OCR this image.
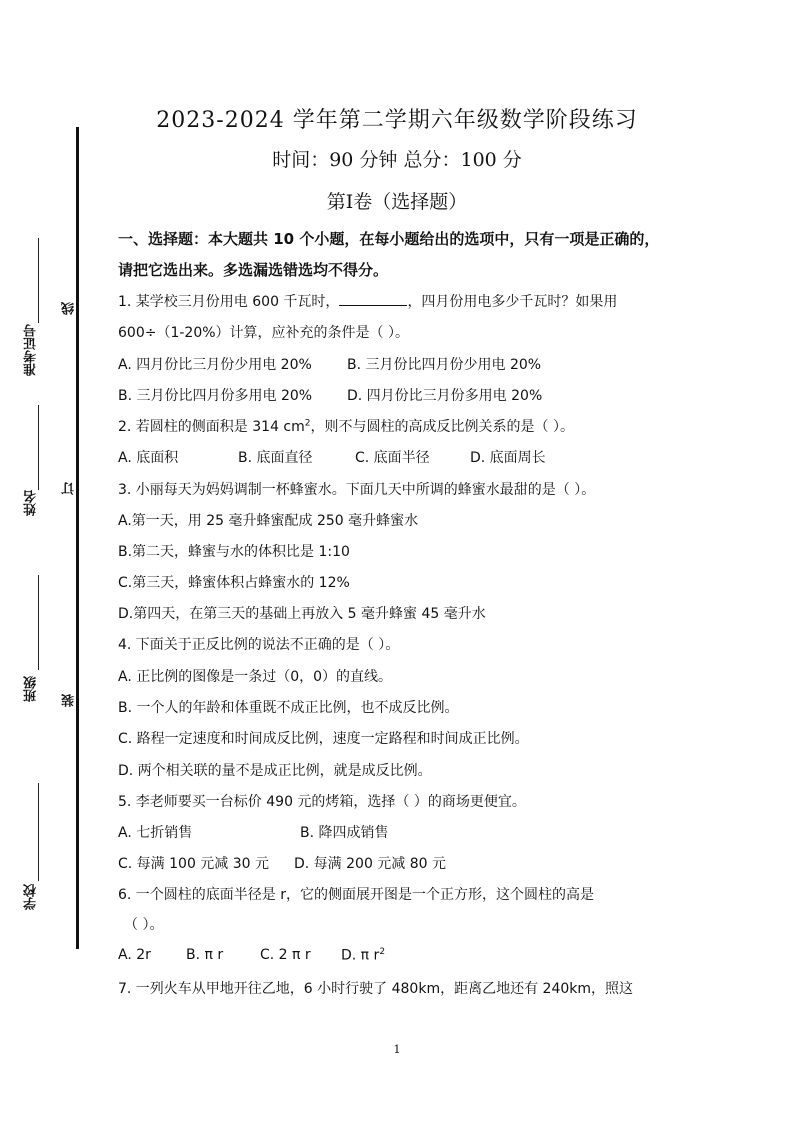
准考证号
姓名
班级
学校
线
订
装
2023-2024 学年第二学期六年级数学阶段练习
时间：90 分钟 总分：100 分
第Ⅰ卷（选择题）
一、选择题：本大题共 10 个小题，在每小题给出的选项中，只有一项是正确的，
请把它选出来。多选漏选错选均不得分。
1. 某学校三月份用电 600 千瓦时，	，四月份用电多少千瓦时？如果用
600÷（1-20%）计算，应补充的条件是（ ）。
A. 四月份比三月份少用电 20%	B. 三月份比四月份少用电 20%
B. 三月份比四月份多用电 20% D. 四月份比三月份多用电 20%
2. 若圆柱的侧面积是 314 $cm^2$，则不与圆柱的高成反比例关系的是（ ）。
A. 底面积	B. 底面直径	C. 底面半径	D. 底面周长
3. 小丽每天为妈妈调制一杯蜂蜜水。下面几天中所调的蜂蜜水最甜的是（ ）。
A.第一天，用 25 毫升蜂蜜配成 250 毫升蜂蜜水
B.第二天，蜂蜜与水的体积比是 1:10
C.第三天，蜂蜜体积占蜂蜜水的 12%
D.第四天，在第三天的基础上再放入 5 毫升蜂蜜 45 毫升水
4. 下面关于正反比例的说法不正确的是（ ）。
A. 正比例的图像是一条过（0，0）的直线。
B. 一个人的年龄和体重既不成正比例，也不成反比例。
C. 路程一定速度和时间成反比例，速度一定路程和时间成正比例。
D. 两个相关联的量不是成正比例，就是成反比例。
5. 李老师要买一台标价 490 元的烤箱，选择（ ）的商场更便宜。
A. 七折销售	B. 降四成销售
C. 每满 100 元减 30 元 D. 每满 200 元减 80 元
6. 一个圆柱的底面半径是 r，它的侧面展开图是一个正方形，这个圆柱的高是
（ ）。
A. 2r	B. π r	C. 2 π r D. π $r^2$
7. 一列火车从甲地开往乙地，6 小时行驶了 480km，距离乙地还有 240km，照这
1
